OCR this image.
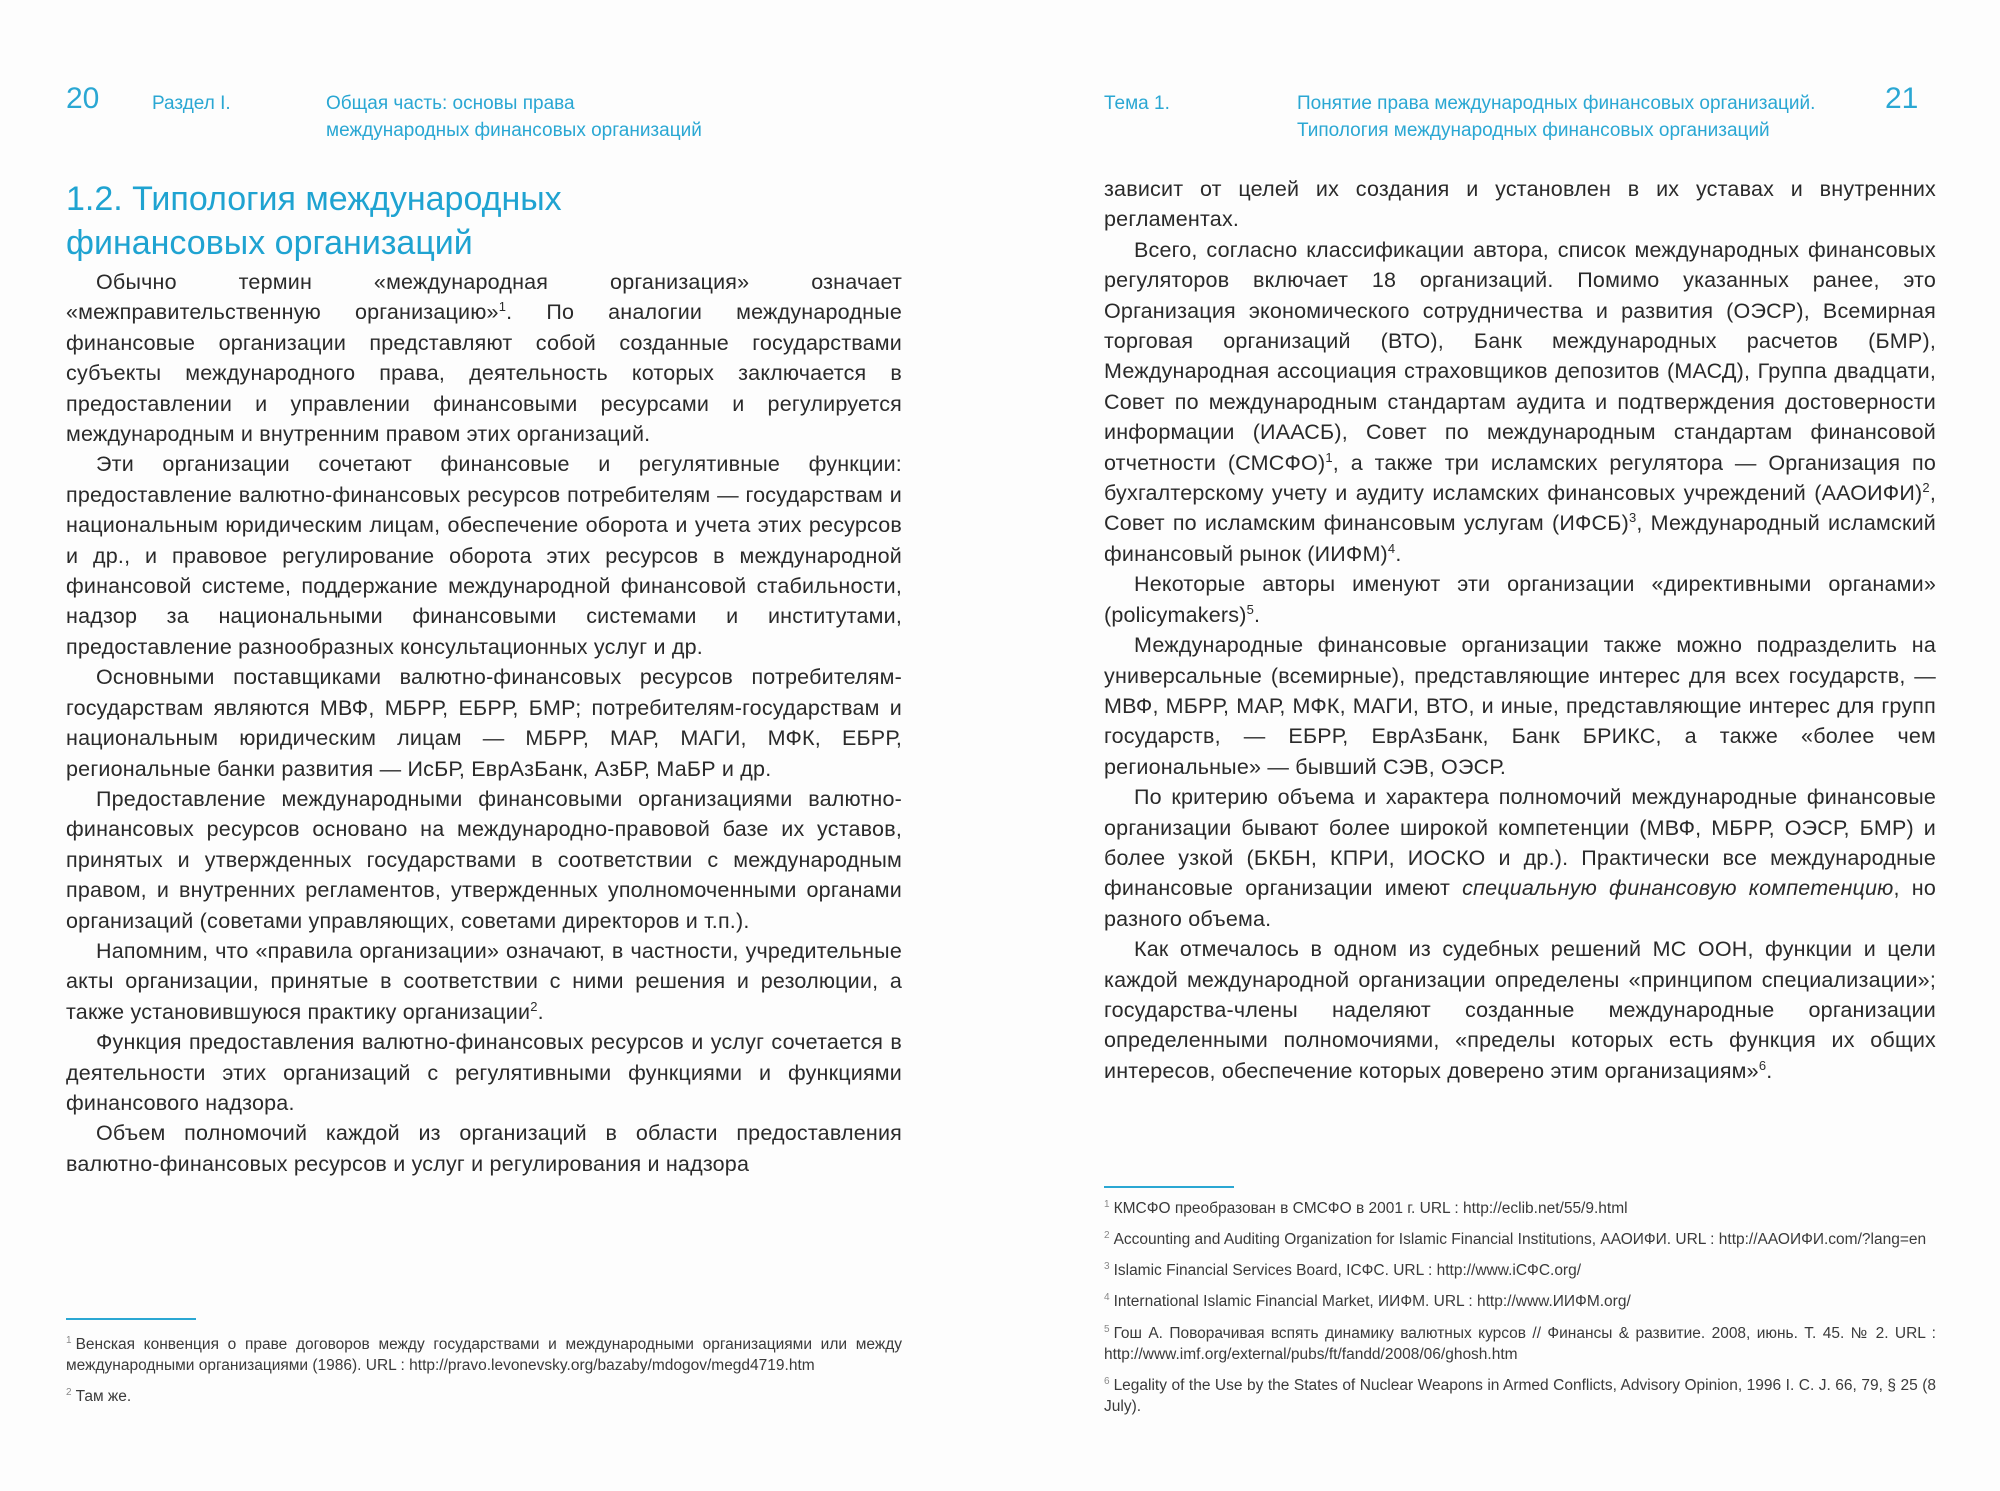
20	Раздел I.	Общая часть: основы права
международных финансовых организаций
1.2. Типология международных финансовых организаций

Обычно термин «международная организация» означает «межправительственную организацию»$^1$. По аналогии международные финансовые организации представляют собой созданные государствами субъекты международного права, деятельность которых заключается в предоставлении и управлении финансовыми ресурсами и регулируется международным и внутренним правом этих организаций.

Эти организации сочетают финансовые и регулятивные функции: предоставление валютно-финансовых ресурсов потребителям — государствам и национальным юридическим лицам, обеспечение оборота и учета этих ресурсов и др., и правовое регулирование оборота этих ресурсов в международной финансовой системе, поддержание международной финансовой стабильности, надзор за национальными финансовыми системами и институтами, предоставление разнообразных консультационных услуг и др.

Основными поставщиками валютно-финансовых ресурсов потребителям-государствам являются МВФ, МБРР, ЕБРР, БМР; потребителям-государствам и национальным юридическим лицам — МБРР, МАР, МАГИ, МФК, ЕБРР, региональные банки развития — ИсБР, ЕврАзБанк, АзБР, МаБР и др.

Предоставление международными финансовыми организациями валютно-финансовых ресурсов основано на международно-правовой базе их уставов, принятых и утвержденных государствами в соответствии с международным правом, и внутренних регламентов, утвержденных уполномоченными органами организаций (советами управляющих, советами директоров и т.п.).

Напомним, что «правила организации» означают, в частности, учредительные акты организации, принятые в соответствии с ними решения и резолюции, а также установившуюся практику организации$^2$.

Функция предоставления валютно-финансовых ресурсов и услуг сочетается в деятельности этих организаций с регулятивными функциями и функциями финансового надзора.

Объем полномочий каждой из организаций в области предоставления валютно-финансовых ресурсов и услуг и регулирования и надзора

$^1$ Венская конвенция о праве договоров между государствами и международными организациями или между международными организациями (1986). URL : http://pravo.levonevsky.org/bazaby/mdogov/megd4719.htm

$^2$ Там же.

Тема 1.	Понятие права международных финансовых организаций.
Типология международных финансовых организаций
21

зависит от целей их создания и установлен в их уставах и внутренних регламентах.

Всего, согласно классификации автора, список международных финансовых регуляторов включает 18 организаций. Помимо указанных ранее, это Организация экономического сотрудничества и развития (ОЭСР), Всемирная торговая организаций (ВТО), Банк международных расчетов (БМР), Международная ассоциация страховщиков депозитов (МАСД), Группа двадцати, Совет по международным стандартам аудита и подтверждения достоверности информации (ИААСБ), Совет по международным стандартам финансовой отчетности (СМСФО)$^1$, а также три исламских регулятора — Организация по бухгалтерскому учету и аудиту исламских финансовых учреждений (ААОИФИ)$^2$, Совет по исламским финансовым услугам (ИФСБ)$^3$, Международный исламский финансовый рынок (ИИФМ)$^4$.

Некоторые авторы именуют эти организации «директивными органами» (policymakers)$^5$.

Международные финансовые организации также можно подразделить на универсальные (всемирные), представляющие интерес для всех государств, — МВФ, МБРР, МАР, МФК, МАГИ, ВТО, и иные, представляющие интерес для групп государств, — ЕБРР, ЕврАзБанк, Банк БРИКС, а также «более чем региональные» — бывший СЭВ, ОЭСР.

По критерию объема и характера полномочий международные финансовые организации бывают более широкой компетенции (МВФ, МБРР, ОЭСР, БМР) и более узкой (БКБН, КПРИ, ИОСКО и др.). Практически все международные финансовые организации имеют специальную финансовую компетенцию, но разного объема.

Как отмечалось в одном из судебных решений МС ООН, функции и цели каждой международной организации определены «принципом специализации»; государства-члены наделяют созданные международные организации определенными полномочиями, «пределы которых есть функция их общих интересов, обеспечение которых доверено этим организациям»$^6$.

$^1$ КМСФО преобразован в СМСФО в 2001 г. URL : http://eclib.net/55/9.html

$^2$ Accounting and Auditing Organization for Islamic Financial Institutions, ААОИФИ. URL : http://ААОИФИ.com/?lang=en

$^3$ Islamic Financial Services Board, ICФС. URL : http://www.iCФС.org/

$^4$ International Islamic Financial Market, ИИФМ. URL : http://www.ИИФМ.org/

$^5$ Гош А. Поворачивая вспять динамику валютных курсов // Финансы & развитие. 2008, июнь. Т. 45. № 2. URL : http://www.imf.org/external/pubs/ft/fandd/2008/06/ghosh.htm

$^6$ Legality of the Use by the States of Nuclear Weapons in Armed Conflicts, Advisory Opinion, 1996 I. C. J. 66, 79, § 25 (8 July).
